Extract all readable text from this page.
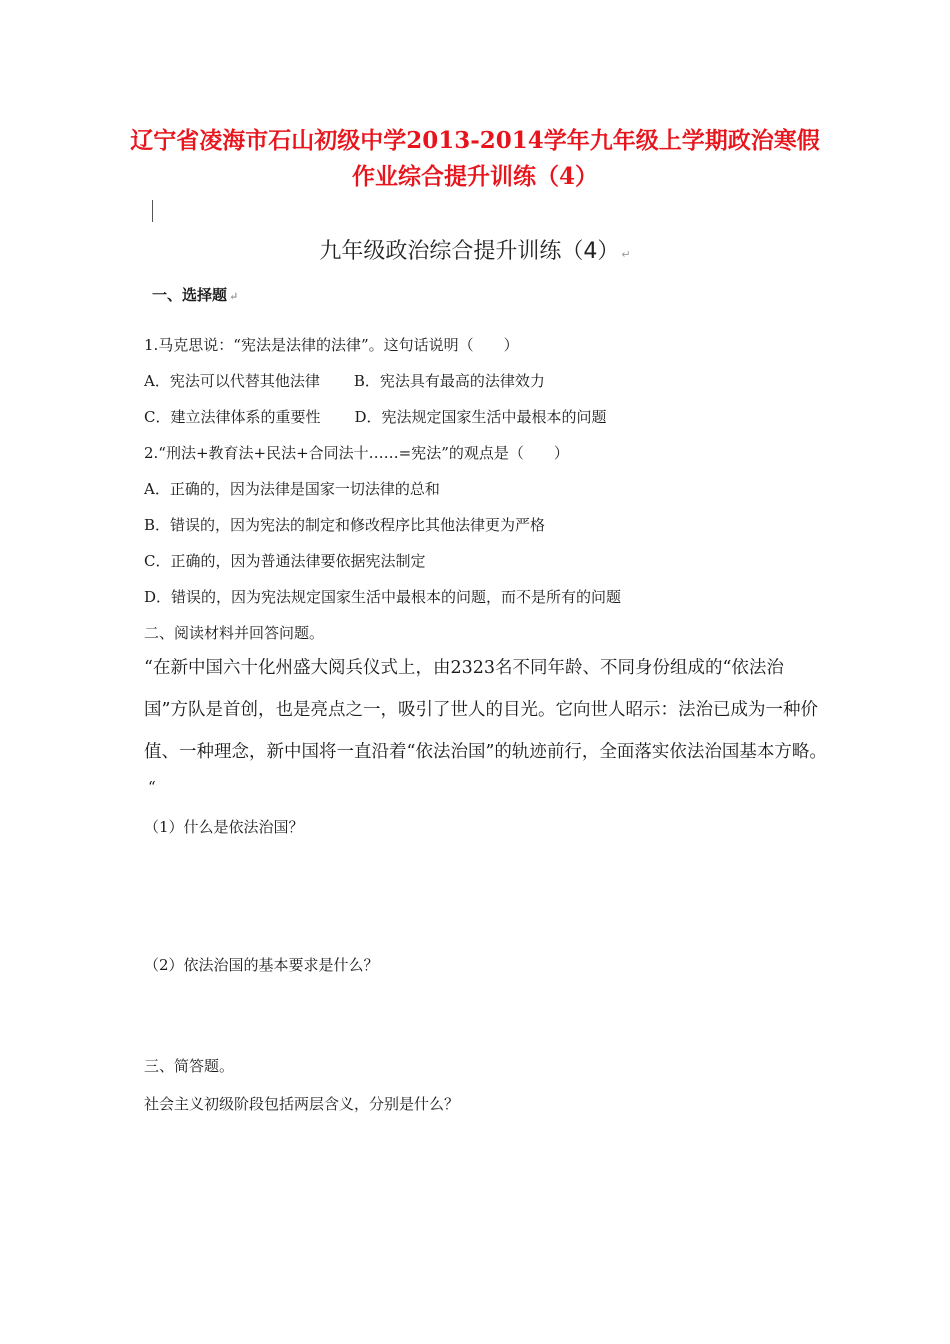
辽宁省凌海市石山初级中学2013-2014学年九年级上学期政治寒假
作业综合提升训练（4）
九年级政治综合提升训练（4） ↵
一、选择题 ↵
1.马克思说：“宪法是法律的法律”。这句话说明（　　）
A．宪法可以代替其他法律 B．宪法具有最高的法律效力
C．建立法律体系的重要性 D．宪法规定国家生活中最根本的问题
2.“刑法+教育法+民法+合同法十……=宪法”的观点是（　　）
A．正确的，因为法律是国家一切法律的总和
B．错误的，因为宪法的制定和修改程序比其他法律更为严格
C．正确的，因为普通法律要依据宪法制定
D．错误的，因为宪法规定国家生活中最根本的问题，而不是所有的问题
二、阅读材料并回答问题。
“在新中国六十化州盛大阅兵仪式上，由2323名不同年龄、不同身份组成的“依法治
国”方队是首创，也是亮点之一，吸引了世人的目光。它向世人昭示：法治已成为一种价
值、一种理念，新中国将一直沿着“依法治国”的轨迹前行，全面落实依法治国基本方略。
“
（1）什么是依法治国？
（2）依法治国的基本要求是什么？
三、简答题。
社会主义初级阶段包括两层含义，分别是什么？
